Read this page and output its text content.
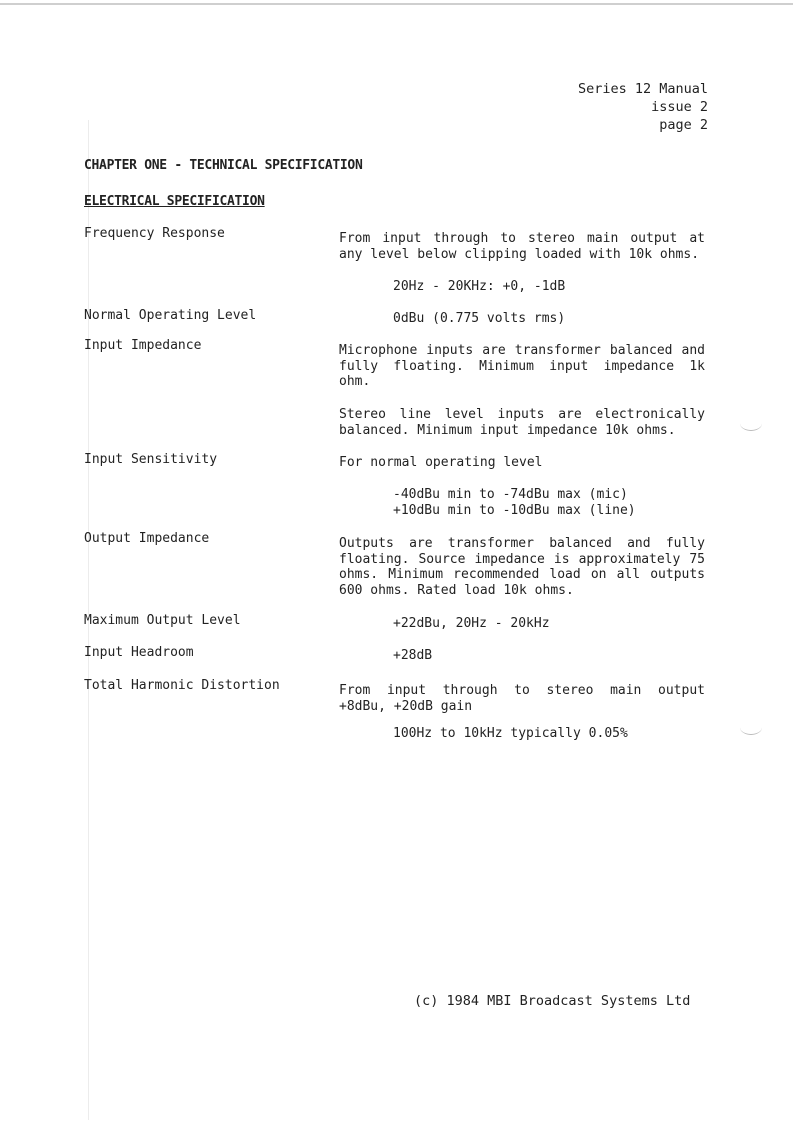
Series 12 Manual
issue 2
page 2
CHAPTER ONE - TECHNICAL SPECIFICATION
ELECTRICAL SPECIFICATION
Frequency Response	From input through to stereo main output at any level below clipping loaded with 10k ohms.
20Hz - 20KHz: +0, -1dB
Normal Operating Level	0dBu (0.775 volts rms)
Input Impedance	Microphone inputs are transformer balanced and fully floating. Minimum input impedance 1k ohm.
Stereo line level inputs are electronically balanced. Minimum input impedance 10k ohms.
Input Sensitivity	For normal operating level
-40dBu min to -74dBu max (mic)
+10dBu min to -10dBu max (line)
Output Impedance	Outputs are transformer balanced and fully floating. Source impedance is approximately 75 ohms. Minimum recommended load on all outputs 600 ohms. Rated load 10k ohms.
Maximum Output Level	+22dBu, 20Hz - 20kHz
Input Headroom	+28dB
Total Harmonic Distortion	From input through to stereo main output +8dBu, +20dB gain
100Hz to 10kHz typically 0.05%
(c) 1984 MBI Broadcast Systems Ltd
